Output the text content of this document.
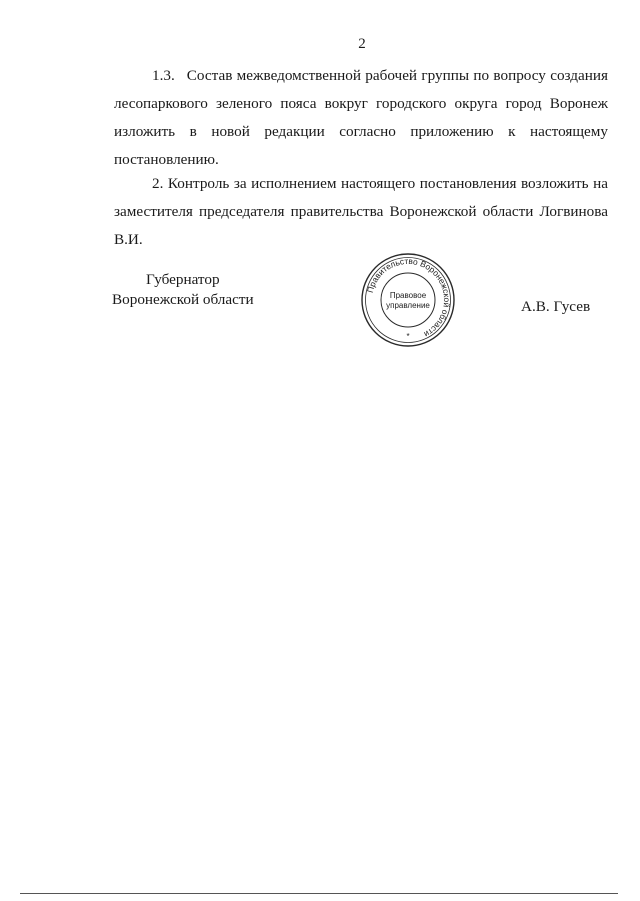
2

1.3. Состав межведомственной рабочей группы по вопросу создания лесопаркового зеленого пояса вокруг городского округа город Воронеж изложить в новой редакции согласно приложению к настоящему постановлению.

2. Контроль за исполнением настоящего постановления возложить на заместителя председателя правительства Воронежской области Логвинова В.И.

Губернатор
Воронежской области
Правительство Воронежской области
Правовое
управление
*
А.В. Гусев
